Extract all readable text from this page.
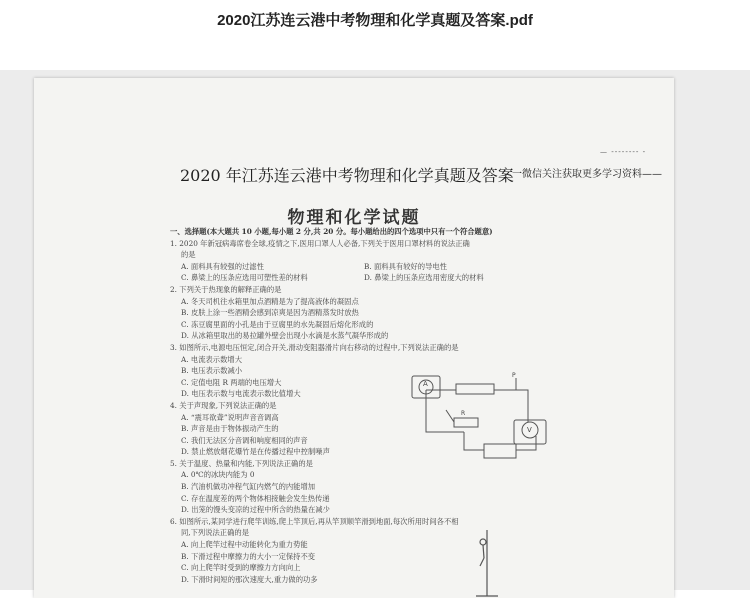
2020江苏连云港中考物理和化学真题及答案.pdf
— -------- -
2020 年江苏连云港中考物理和化学真题及答案
一微信关注获取更多学习资料——
物理和化学试题
一、选择题(本大题共 10 小题,每小题 2 分,共 20 分。每小题给出的四个选项中只有一个符合题意)
1. 2020 年新冠病毒席卷全球,疫情之下,医用口罩人人必备,下列关于医用口罩材料的说法正确
的是
A. 面料具有较强的过滤性	B. 面料具有较好的导电性
C. 鼻梁上的压条应选用可塑性差的材料	D. 鼻梁上的压条应选用密度大的材料
2. 下列关于热现象的解释正确的是
A. 冬天司机往水箱里加点酒精是为了提高液体的凝固点
B. 皮肤上涂一些酒精会感到凉爽是因为酒精蒸发时放热
C. 冻豆腐里面的小孔是由于豆腐里的水先凝固后熔化形成的
D. 从冰箱里取出的易拉罐外壁会出现小水滴是水蒸气凝华形成的
3. 如图所示,电源电压恒定,闭合开关,滑动变阻器滑片向右移动的过程中,下列说法正确的是
A. 电流表示数增大
B. 电压表示数减小
C. 定值电阻 R 两端的电压增大
D. 电压表示数与电流表示数比值增大
4. 关于声现象,下列说法正确的是
A. “震耳欲聋”说明声音音调高
B. 声音是由于物体振动产生的
C. 我们无法区分音调和响度相同的声音
D. 禁止燃放烟花爆竹是在传播过程中控制噪声
5. 关于温度、热量和内能,下列说法正确的是
A. 0℃的冰块内能为 0
B. 汽油机做功冲程气缸内燃气的内能增加
C. 存在温度差的两个物体相接触会发生热传递
D. 出笼的馒头变凉的过程中所含的热量在减少
6. 如图所示,某同学进行爬竿训练,爬上竿顶后,再从竿顶顺竿滑到地面,每次所用时间各不相
同,下列说法正确的是
A. 向上爬竿过程中动能转化为重力势能
B. 下滑过程中摩擦力的大小一定保持不变
C. 向上爬竿时受到的摩擦力方向向上
D. 下滑时间短的那次速度大,重力做的功多
A
V
R
P
